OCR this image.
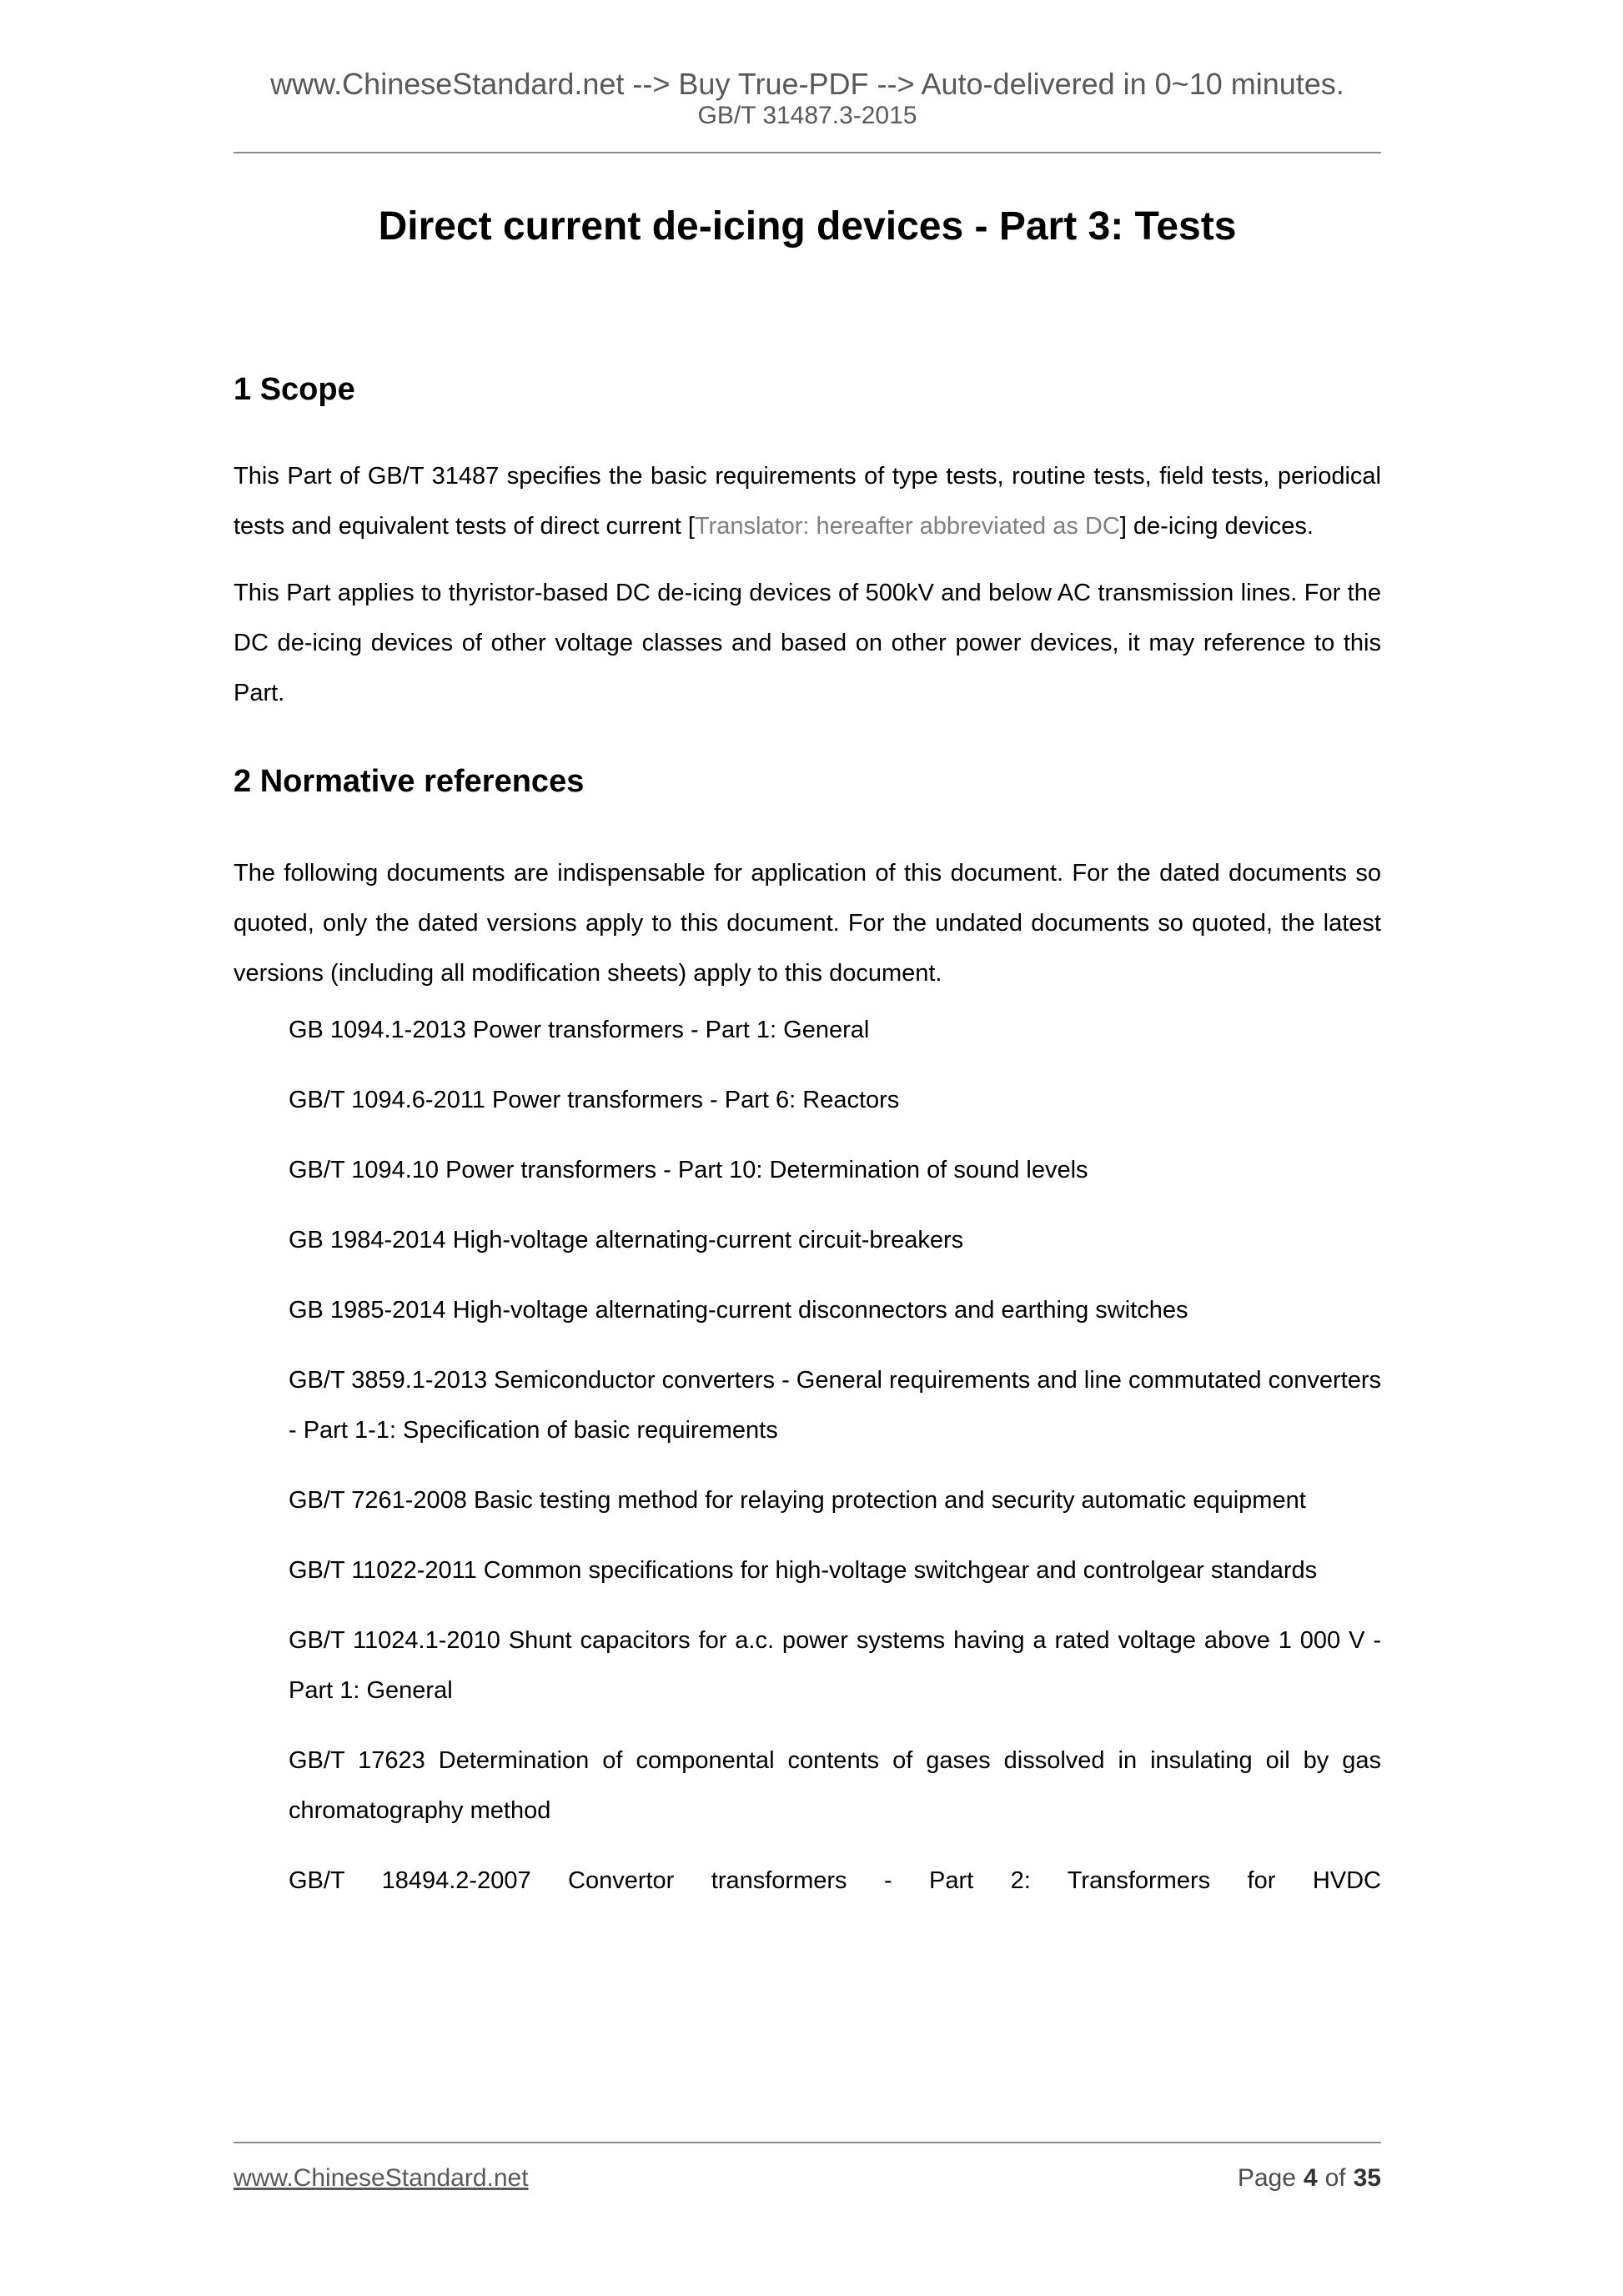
www.ChineseStandard.net --> Buy True-PDF --> Auto-delivered in 0~10 minutes.
GB/T 31487.3-2015
Direct current de-icing devices - Part 3: Tests
1 Scope
This Part of GB/T 31487 specifies the basic requirements of type tests, routine tests, field tests, periodical tests and equivalent tests of direct current [Translator: hereafter abbreviated as DC] de-icing devices.
This Part applies to thyristor-based DC de-icing devices of 500kV and below AC transmission lines. For the DC de-icing devices of other voltage classes and based on other power devices, it may reference to this Part.
2 Normative references
The following documents are indispensable for application of this document. For the dated documents so quoted, only the dated versions apply to this document. For the undated documents so quoted, the latest versions (including all modification sheets) apply to this document.
GB 1094.1-2013 Power transformers - Part 1: General
GB/T 1094.6-2011 Power transformers - Part 6: Reactors
GB/T 1094.10 Power transformers - Part 10: Determination of sound levels
GB 1984-2014 High-voltage alternating-current circuit-breakers
GB 1985-2014 High-voltage alternating-current disconnectors and earthing switches
GB/T 3859.1-2013 Semiconductor converters - General requirements and line commutated converters - Part 1-1: Specification of basic requirements
GB/T 7261-2008 Basic testing method for relaying protection and security automatic equipment
GB/T 11022-2011 Common specifications for high-voltage switchgear and controlgear standards
GB/T 11024.1-2010 Shunt capacitors for a.c. power systems having a rated voltage above 1 000 V - Part 1: General
GB/T 17623 Determination of componental contents of gases dissolved in insulating oil by gas chromatography method
GB/T 18494.2-2007 Convertor transformers - Part 2: Transformers for HVDC
www.ChineseStandard.net	Page 4 of 35
